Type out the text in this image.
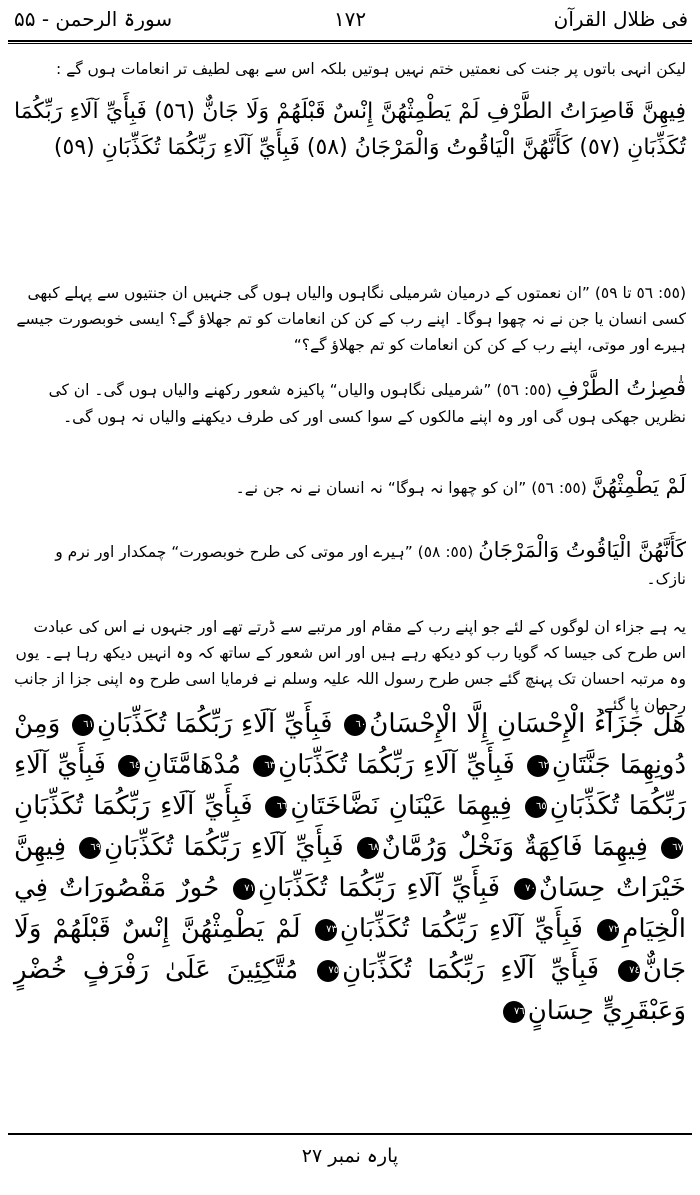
فی ظلال القرآن
۱۷۲
سورۃ الرحمن - ۵۵
لیکن انہی باتوں پر جنت کی نعمتیں ختم نہیں ہوتیں بلکہ اس سے بھی لطیف تر انعامات ہوں گے :
فِيهِنَّ قَاصِرَاتُ الطَّرْفِ لَمْ يَطْمِثْهُنَّ إِنْسٌ قَبْلَهُمْ وَلَا جَانٌّ (٥٦) فَبِأَيِّ آلَاءِ رَبِّكُمَا تُكَذِّبَانِ (٥٧) كَأَنَّهُنَّ الْيَاقُوتُ وَالْمَرْجَانُ (٥٨) فَبِأَيِّ آلَاءِ رَبِّكُمَا تُكَذِّبَانِ (٥٩)
(٥٥: ٥٦ تا ٥٩) ”ان نعمتوں کے درمیان شرمیلی نگاہوں والیاں ہوں گی جنہیں ان جنتیوں سے پہلے کبھی کسی انسان یا جن نے نہ چھوا ہوگا۔ اپنے رب کے کن کن انعامات کو تم جھلاؤ گے؟ ایسی خوبصورت جیسے ہیرے اور موتی، اپنے رب کے کن کن انعامات کو تم جھلاؤ گے؟“
قٰصِرٰتُ الطَّرْفِ (٥٥: ٥٦) ”شرمیلی نگاہوں والیاں“ پاکیزہ شعور رکھنے والیاں ہوں گی۔ ان کی نظریں جھکی ہوں گی اور وہ اپنے مالکوں کے سوا کسی اور کی طرف دیکھنے والیاں نہ ہوں گی۔
لَمْ يَطْمِثْهُنَّ (٥٥: ٥٦) ”ان کو چھوا نہ ہوگا“ نہ انسان نے نہ جن نے۔
كَأَنَّهُنَّ الْيَاقُوتُ وَالْمَرْجَانُ (٥٥: ٥٨) ”ہیرے اور موتی کی طرح خوبصورت“ چمکدار اور نرم و نازک۔
یہ ہے جزاء ان لوگوں کے لئے جو اپنے رب کے مقام اور مرتبے سے ڈرتے تھے اور جنہوں نے اس کی عبادت اس طرح کی جیسا کہ گویا رب کو دیکھ رہے ہیں اور اس شعور کے ساتھ کہ وہ انہیں دیکھ رہا ہے۔ یوں وہ مرتبہ احسان تک پہنچ گئے جس طرح رسول اللہ علیہ وسلم نے فرمایا اسی طرح وہ اپنی جزا از جانب رحمان پا گئے۔
هَلْ جَزَاءُ الْإِحْسَانِ إِلَّا الْإِحْسَانُ٦٠ فَبِأَيِّ آلَاءِ رَبِّكُمَا تُكَذِّبَانِ٦١ وَمِنْ دُونِهِمَا جَنَّتَانِ٦٢ فَبِأَيِّ آلَاءِ رَبِّكُمَا تُكَذِّبَانِ٦٣ مُدْهَامَّتَانِ٦٤ فَبِأَيِّ آلَاءِ رَبِّكُمَا تُكَذِّبَانِ٦٥ فِيهِمَا عَيْنَانِ نَضَّاخَتَانِ٦٦ فَبِأَيِّ آلَاءِ رَبِّكُمَا تُكَذِّبَانِ٦٧ فِيهِمَا فَاكِهَةٌ وَنَخْلٌ وَرُمَّانٌ٦٨ فَبِأَيِّ آلَاءِ رَبِّكُمَا تُكَذِّبَانِ٦٩ فِيهِنَّ خَيْرَاتٌ حِسَانٌ٧٠ فَبِأَيِّ آلَاءِ رَبِّكُمَا تُكَذِّبَانِ٧١ حُورٌ مَقْصُورَاتٌ فِي الْخِيَامِ٧٢ فَبِأَيِّ آلَاءِ رَبِّكُمَا تُكَذِّبَانِ٧٣ لَمْ يَطْمِثْهُنَّ إِنْسٌ قَبْلَهُمْ وَلَا جَانٌّ٧٤ فَبِأَيِّ آلَاءِ رَبِّكُمَا تُكَذِّبَانِ٧٥ مُتَّكِئِينَ عَلَىٰ رَفْرَفٍ خُضْرٍ وَعَبْقَرِيٍّ حِسَانٍ٧٦
پارہ نمبر ۲۷
